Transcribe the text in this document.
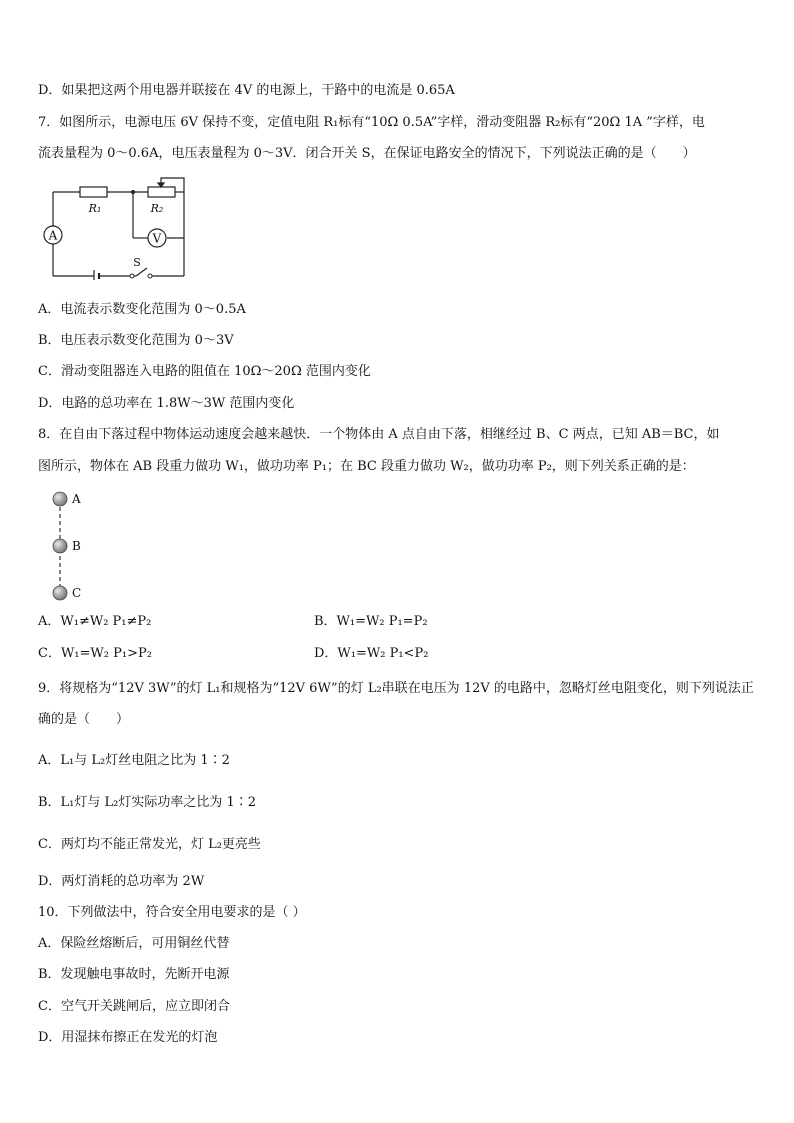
D．如果把这两个用电器并联接在 4V 的电源上，干路中的电流是 0.65A
7．如图所示，电源电压 6V 保持不变，定值电阻 R₁标有“10Ω 0.5A”字样，滑动变阻器 R₂标有“20Ω 1A ”字样，电
流表量程为 0～0.6A，电压表量程为 0～3V．闭合开关 S，在保证电路安全的情况下，下列说法正确的是（　　）
A	V
R₁	R₂
S
A．电流表示数变化范围为 0～0.5A
B．电压表示数变化范围为 0～3V
C．滑动变阻器连入电路的阻值在 10Ω～20Ω 范围内变化
D．电路的总功率在 1.8W～3W 范围内变化
8．在自由下落过程中物体运动速度会越来越快．一个物体由 A 点自由下落，相继经过 B、C 两点，已知 AB＝BC，如
图所示，物体在 AB 段重力做功 W₁，做功功率 P₁；在 BC 段重力做功 W₂，做功功率 P₂，则下列关系正确的是：
A
B
C
A．W₁≠W₂ P₁≠P₂	B．W₁=W₂ P₁=P₂
C．W₁=W₂ P₁>P₂	D．W₁=W₂ P₁<P₂
9．将规格为“12V 3W”的灯 L₁和规格为“12V 6W”的灯 L₂串联在电压为 12V 的电路中，忽略灯丝电阻变化，则下列说法正确的是（　　）
A．L₁与 L₂灯丝电阻之比为 1∶2
B．L₁灯与 L₂灯实际功率之比为 1∶2
C．两灯均不能正常发光，灯 L₂更亮些
D．两灯消耗的总功率为 2W
10．下列做法中，符合安全用电要求的是（ ）
A．保险丝熔断后，可用铜丝代替
B．发现触电事故时，先断开电源
C．空气开关跳闸后，应立即闭合
D．用湿抹布擦正在发光的灯泡
